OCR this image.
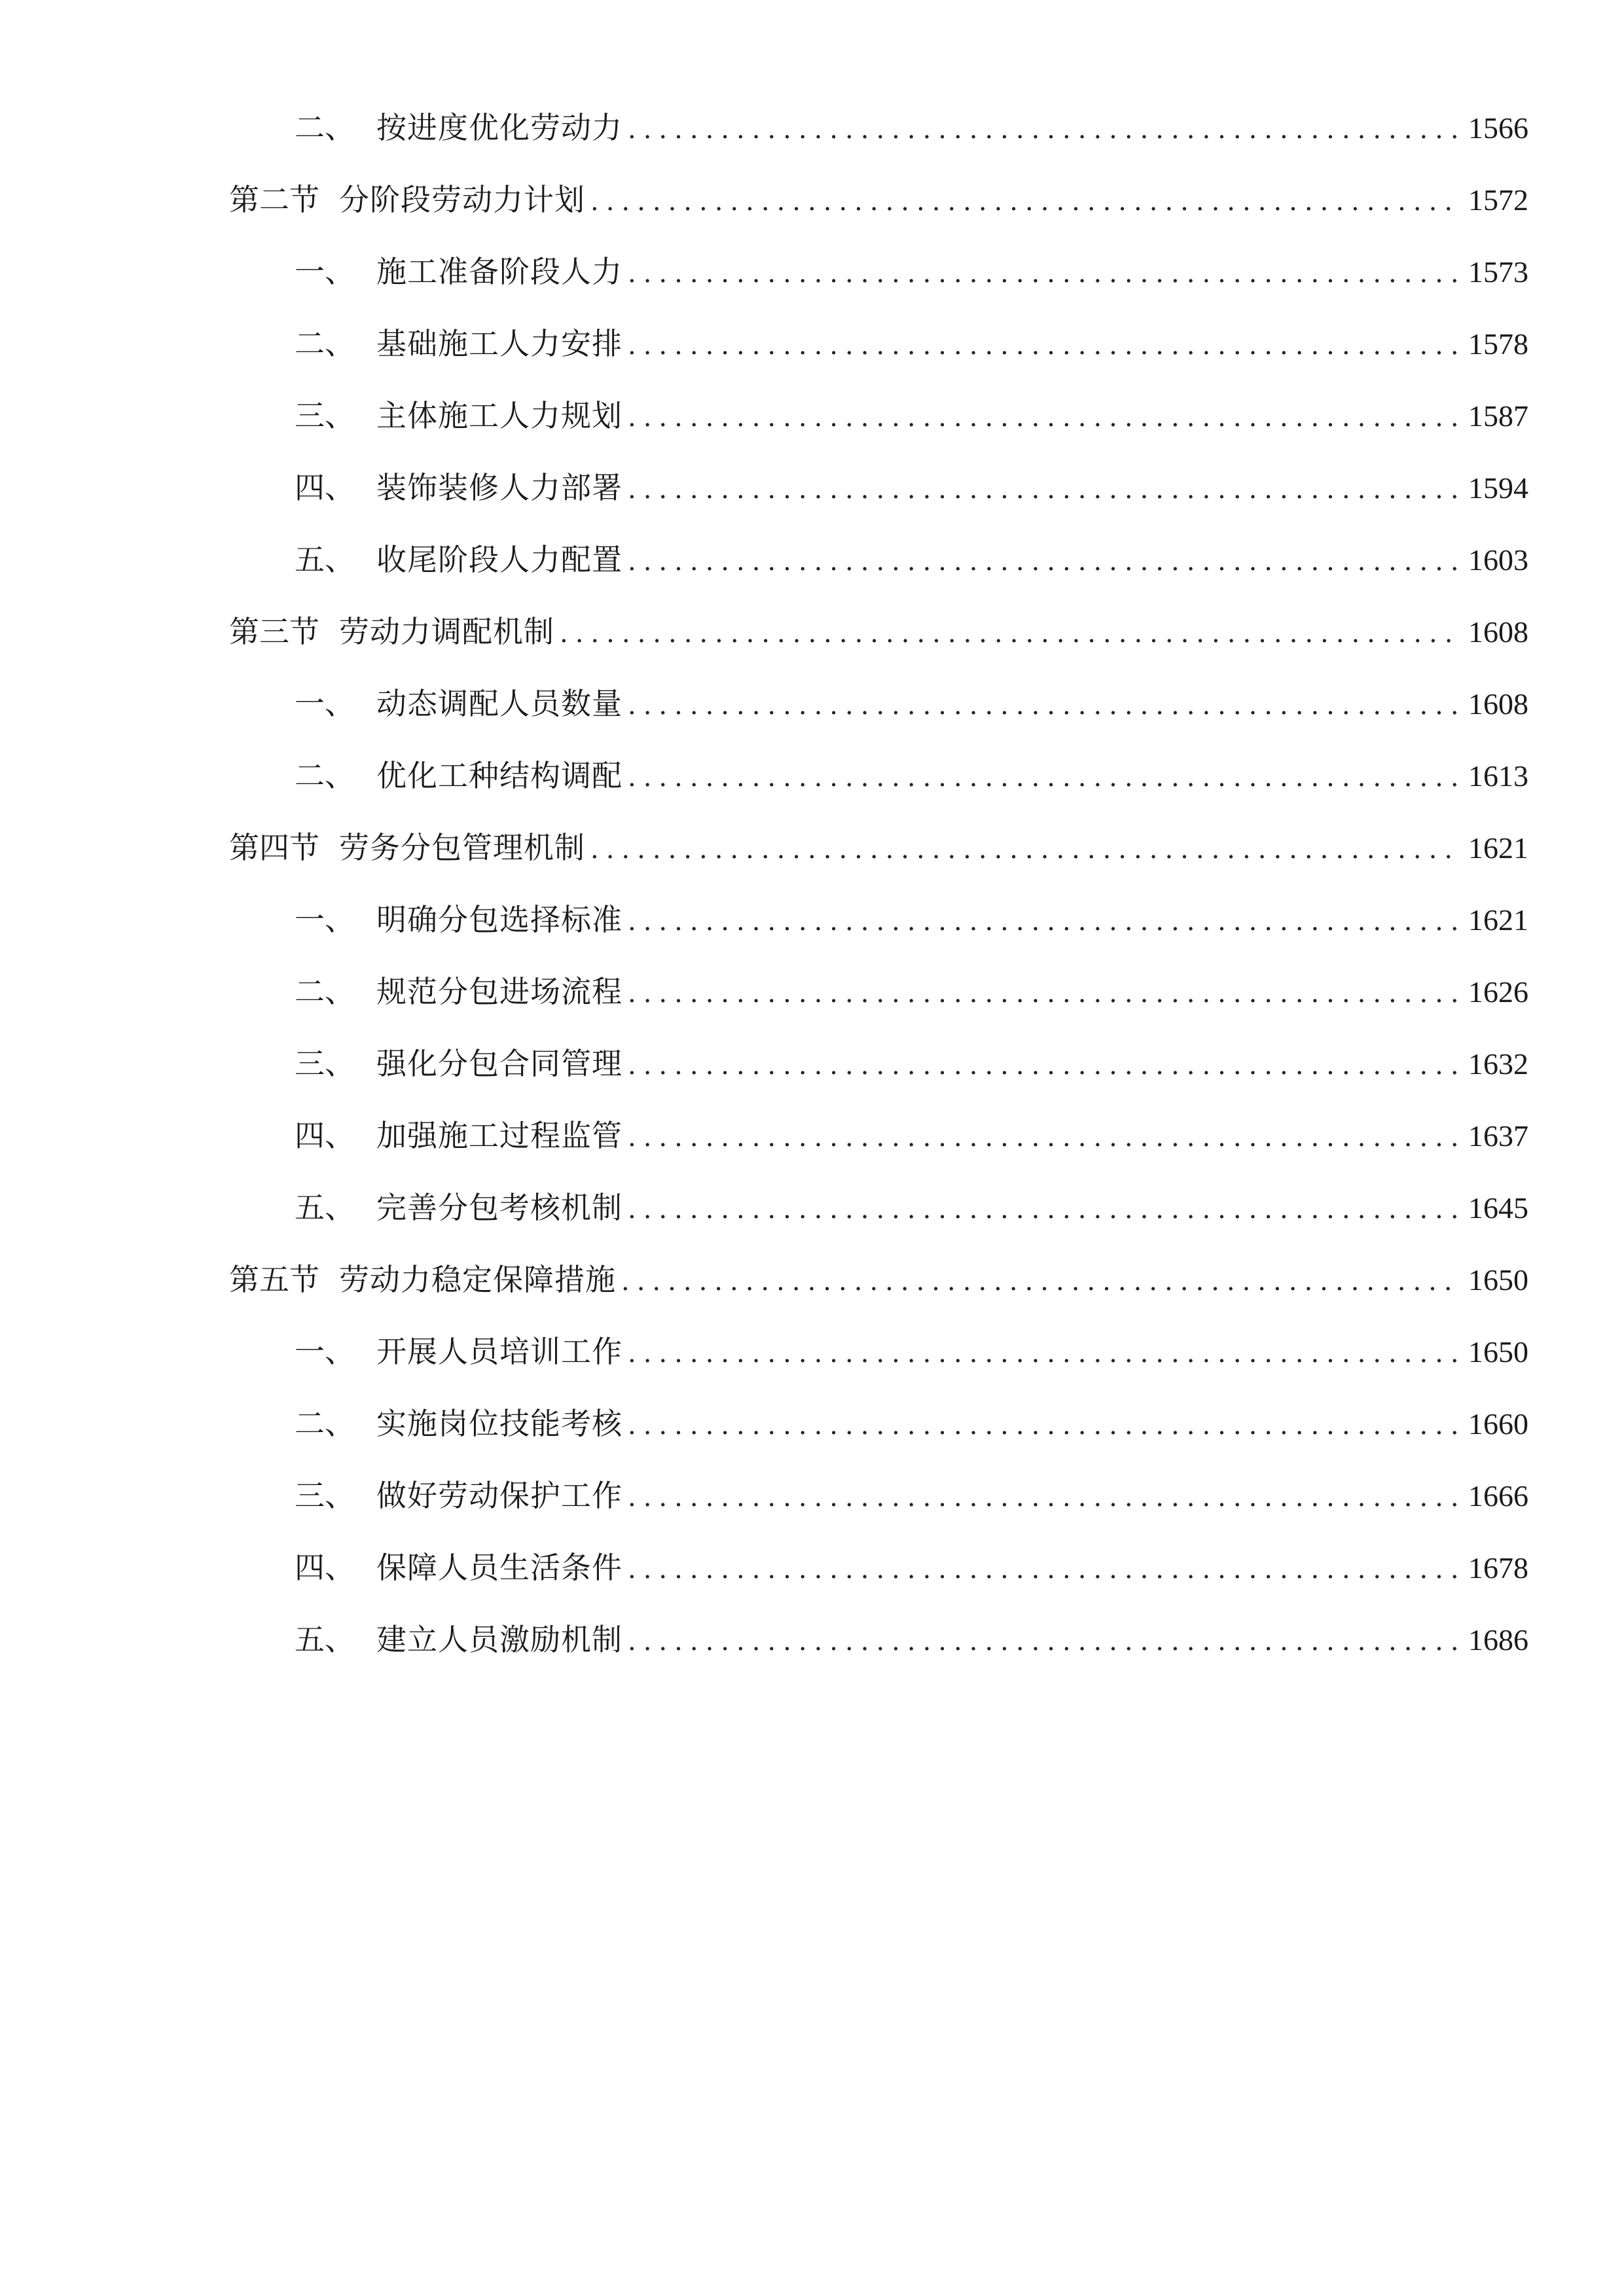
二、 按进度优化劳动力 .....	1566
第二节 分阶段劳动力计划 .....	1572
一、 施工准备阶段人力 .....	1573
二、 基础施工人力安排 .....	1578
三、 主体施工人力规划 .....	1587
四、 装饰装修人力部署 .....	1594
五、 收尾阶段人力配置 .....	1603
第三节 劳动力调配机制 .....	1608
一、 动态调配人员数量 .....	1608
二、 优化工种结构调配 .....	1613
第四节 劳务分包管理机制 .....	1621
一、 明确分包选择标准 .....	1621
二、 规范分包进场流程 .....	1626
三、 强化分包合同管理 .....	1632
四、 加强施工过程监管 .....	1637
五、 完善分包考核机制 .....	1645
第五节 劳动力稳定保障措施 .....	1650
一、 开展人员培训工作 .....	1650
二、 实施岗位技能考核 .....	1660
三、 做好劳动保护工作 .....	1666
四、 保障人员生活条件 .....	1678
五、 建立人员激励机制 .....	1686
